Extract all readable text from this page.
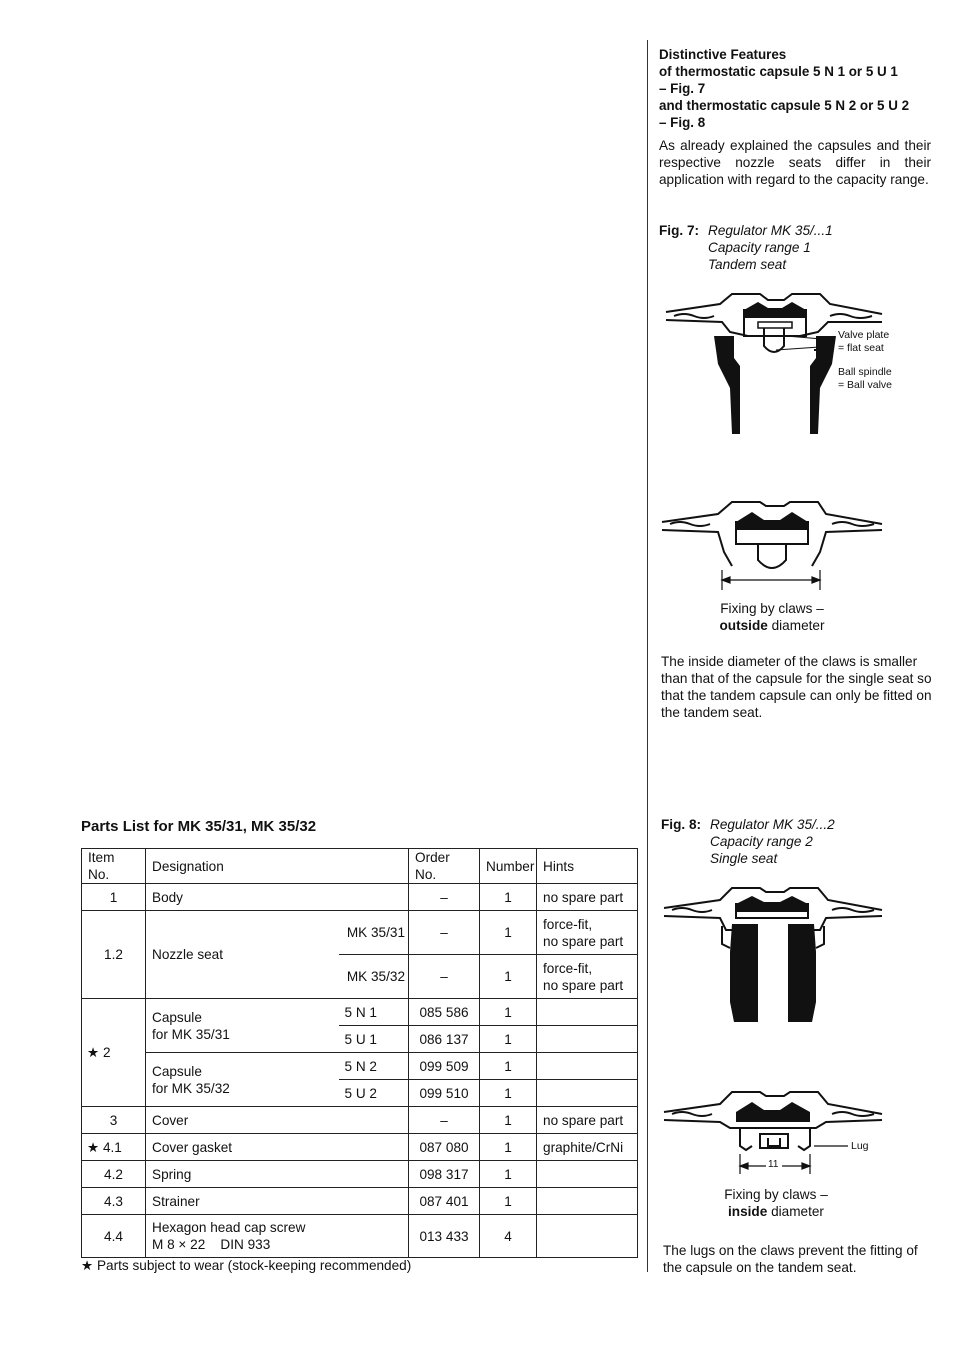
Distinctive Features
of thermostatic capsule 5 N 1 or 5 U 1
– Fig. 7
and thermostatic capsule 5 N 2 or 5 U 2
– Fig. 8
As already explained the capsules and their respective nozzle seats differ in their application with regard to the capacity range.
Fig. 7: Regulator MK 35/...1
Capacity range 1
Tandem seat
Valve plate
= flat seat
Ball spindle
= Ball valve
Fixing by claws –
outside diameter
The inside diameter of the claws is smaller than that of the capsule for the single seat so that the tandem capsule can only be fitted on the tandem seat.
Fig. 8: Regulator MK 35/...2
Capacity range 2
Single seat
Lug
11
Fixing by claws –
inside diameter
The lugs on the claws prevent the fitting of the capsule on the tandem seat.
Parts List for MK 35/31, MK 35/32
Item No.	Designation		Order No.	Number	Hints
1	Body		–	1	no spare part
1.2	Nozzle seat	MK 35/31	–	1	force-fit,
no spare part

		MK 35/32	–	1	force-fit,
no spare part

★ 2	Capsule
for MK 35/31	5 N 1	085 586	1	
		5 U 1	086 137	1	

	Capsule
for MK 35/32	5 N 2	099 509	1	
		5 U 2	099 510	1	
3	Cover		–	1	no spare part
★ 4.1	Cover gasket		087 080	1	graphite/CrNi
4.2	Spring		098 317	1	
4.3	Strainer		087 401	1	
4.4	Hexagon head cap screw
M 8 × 22    DIN 933		013 433	4	
★ Parts subject to wear (stock-keeping recommended)
